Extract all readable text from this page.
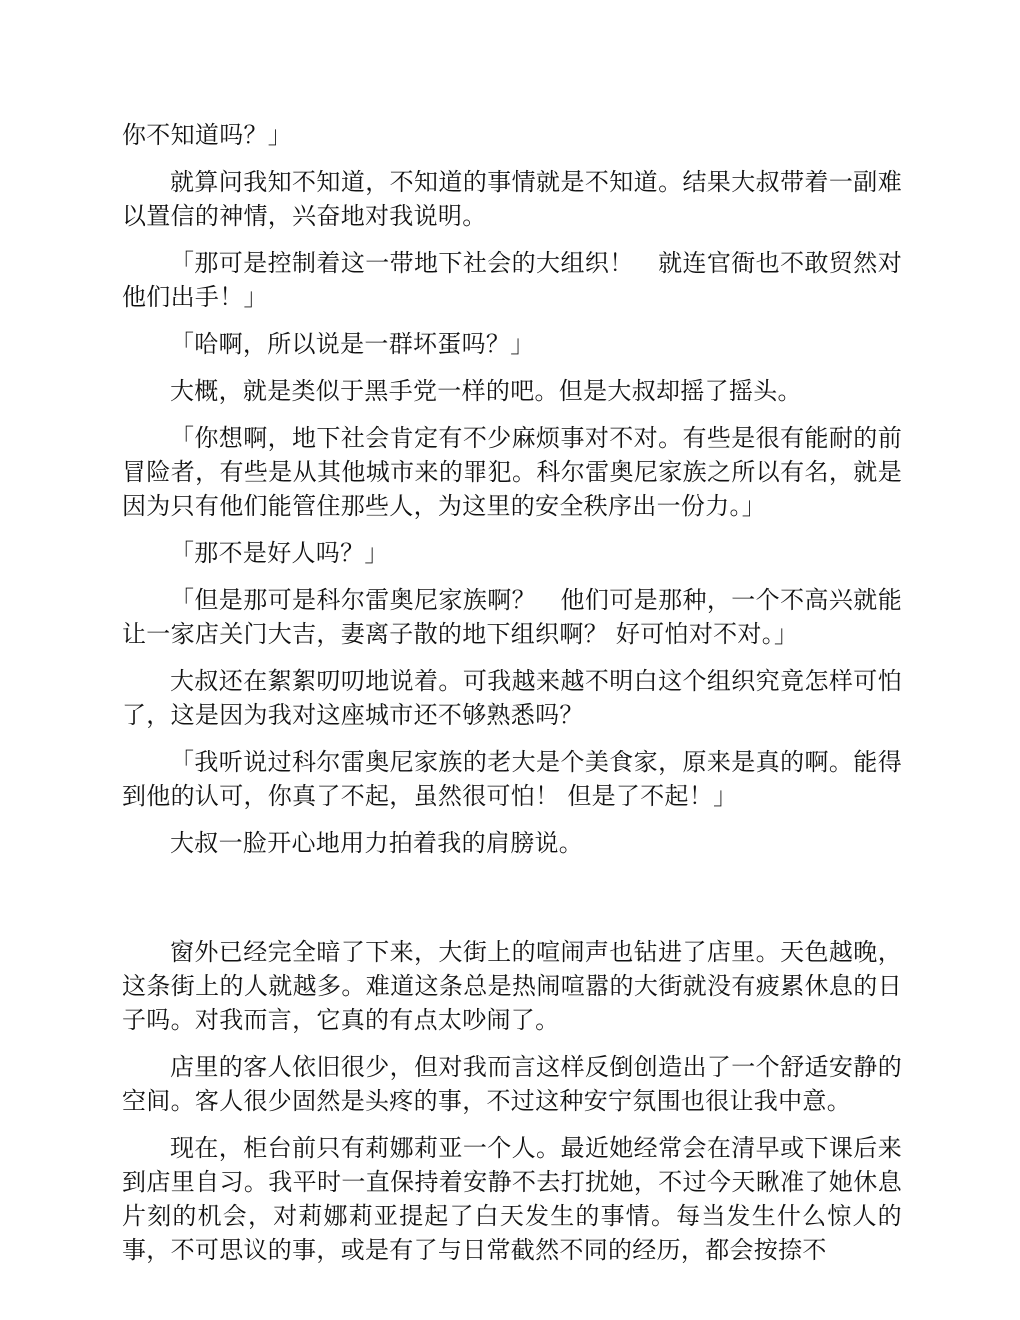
你不知道吗？」

就算问我知不知道，不知道的事情就是不知道。结果大叔带着一副难以置信的神情，兴奋地对我说明。

「那可是控制着这一带地下社会的大组织！　就连官衙也不敢贸然对他们出手！」

「哈啊，所以说是一群坏蛋吗？」

大概，就是类似于黑手党一样的吧。但是大叔却摇了摇头。

「你想啊，地下社会肯定有不少麻烦事对不对。有些是很有能耐的前冒险者，有些是从其他城市来的罪犯。科尔雷奥尼家族之所以有名，就是因为只有他们能管住那些人，为这里的安全秩序出一份力。」

「那不是好人吗？」

「但是那可是科尔雷奥尼家族啊？　他们可是那种，一个不高兴就能让一家店关门大吉，妻离子散的地下组织啊？ 好可怕对不对。」

大叔还在絮絮叨叨地说着。可我越来越不明白这个组织究竟怎样可怕了，这是因为我对这座城市还不够熟悉吗？

「我听说过科尔雷奥尼家族的老大是个美食家，原来是真的啊。能得到他的认可，你真了不起，虽然很可怕！ 但是了不起！」

大叔一脸开心地用力拍着我的肩膀说。

窗外已经完全暗了下来，大街上的喧闹声也钻进了店里。天色越晚，这条街上的人就越多。难道这条总是热闹喧嚣的大街就没有疲累休息的日子吗。对我而言，它真的有点太吵闹了。

店里的客人依旧很少，但对我而言这样反倒创造出了一个舒适安静的空间。客人很少固然是头疼的事，不过这种安宁氛围也很让我中意。

现在，柜台前只有莉娜莉亚一个人。最近她经常会在清早或下课后来到店里自习。我平时一直保持着安静不去打扰她，不过今天瞅准了她休息片刻的机会，对莉娜莉亚提起了白天发生的事情。每当发生什么惊人的事，不可思议的事，或是有了与日常截然不同的经历，都会按捺不
